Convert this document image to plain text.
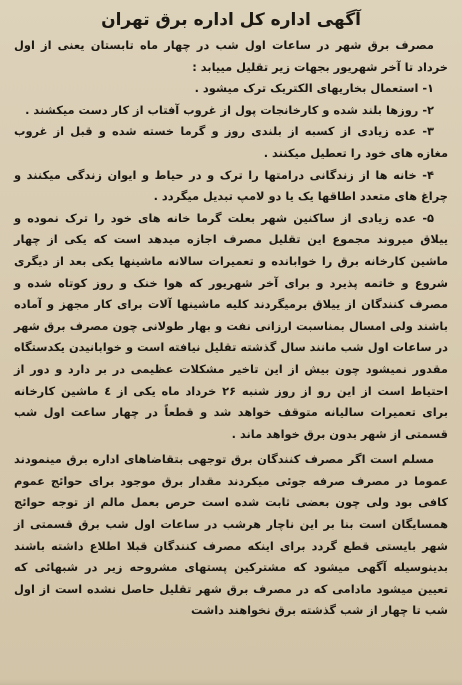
آگهی اداره کل اداره برق تهران

مصرف برق شهر در ساعات اول شب در چهار ماه تابستان یعنی از اول خرداد تا آخر شهریور بجهات زیر تقلیل مییابد :

۱- استعمال بخاریهای الکتریک ترک میشود .

۲- روزها بلند شده و کارخانجات پول از غروب آفتاب از کار دست میکشند .

۳- عده زیادی از کسبه از بلندی روز و گرما خسته شده و قبل از غروب مغازه های خود را تعطیل میکنند .

۴- خانه ها از زندگانی درامتها را ترک و در حیاط و ایوان زندگی میکنند و چراغ های متعدد اطاقها یک یا دو لامپ تبدیل میگردد .

۵- عده زیادی از ساکنین شهر بعلت گرما خانه های خود را ترک نموده و ییلاق میروند مجموع این تقلیل مصرف اجازه میدهد است که یکی از چهار ماشین کارخانه برق را خوابانده و تعمیرات سالانه ماشینها یکی بعد از دیگری شروع و خاتمه پذیرد و برای آخر شهریور که هوا خنک و روز کوتاه شده و مصرف کنندگان از ییلاق برمیگردند کلیه ماشینها آلات برای کار مجهز و آماده باشند ولی امسال بمناسبت ارزانی نفت و بهار طولانی چون مصرف برق شهر در ساعات اول شب مانند سال گذشته تقلیل نیافته است و خوابانیدن یکدستگاه مقدور نمیشود چون بیش از این تاخیر مشکلات عظیمی در بر دارد و دور از احتیاط است از این رو از روز شنبه ۲۶ خرداد ماه یکی از ٤ ماشین کارخانه برای تعمیرات سالیانه متوقف خواهد شد و قطعاً در چهار ساعت اول شب قسمتی از شهر بدون برق خواهد ماند .

مسلم است اگر مصرف کنندگان برق توجهی بتقاضاهای اداره برق مینمودند عموما در مصرف صرفه جوئی میکردند مقدار برق موجود برای حوائج عموم کافی بود ولی چون بعضی ثابت شده است حرص بعمل مالم از توجه حوائج همسایگان است بنا بر این ناچار هرشب در ساعات اول شب برق قسمتی از شهر بایستی قطع گردد برای اینکه مصرف کنندگان قبلا اطلاع داشته باشند بدینوسیله آگهی میشود که مشترکین پستهای مشروحه زیر در شبهائی که تعیین میشود مادامی که در مصرف برق شهر تقلیل حاصل نشده است از اول شب تا چهار از شب گذشته برق نخواهند داشت
